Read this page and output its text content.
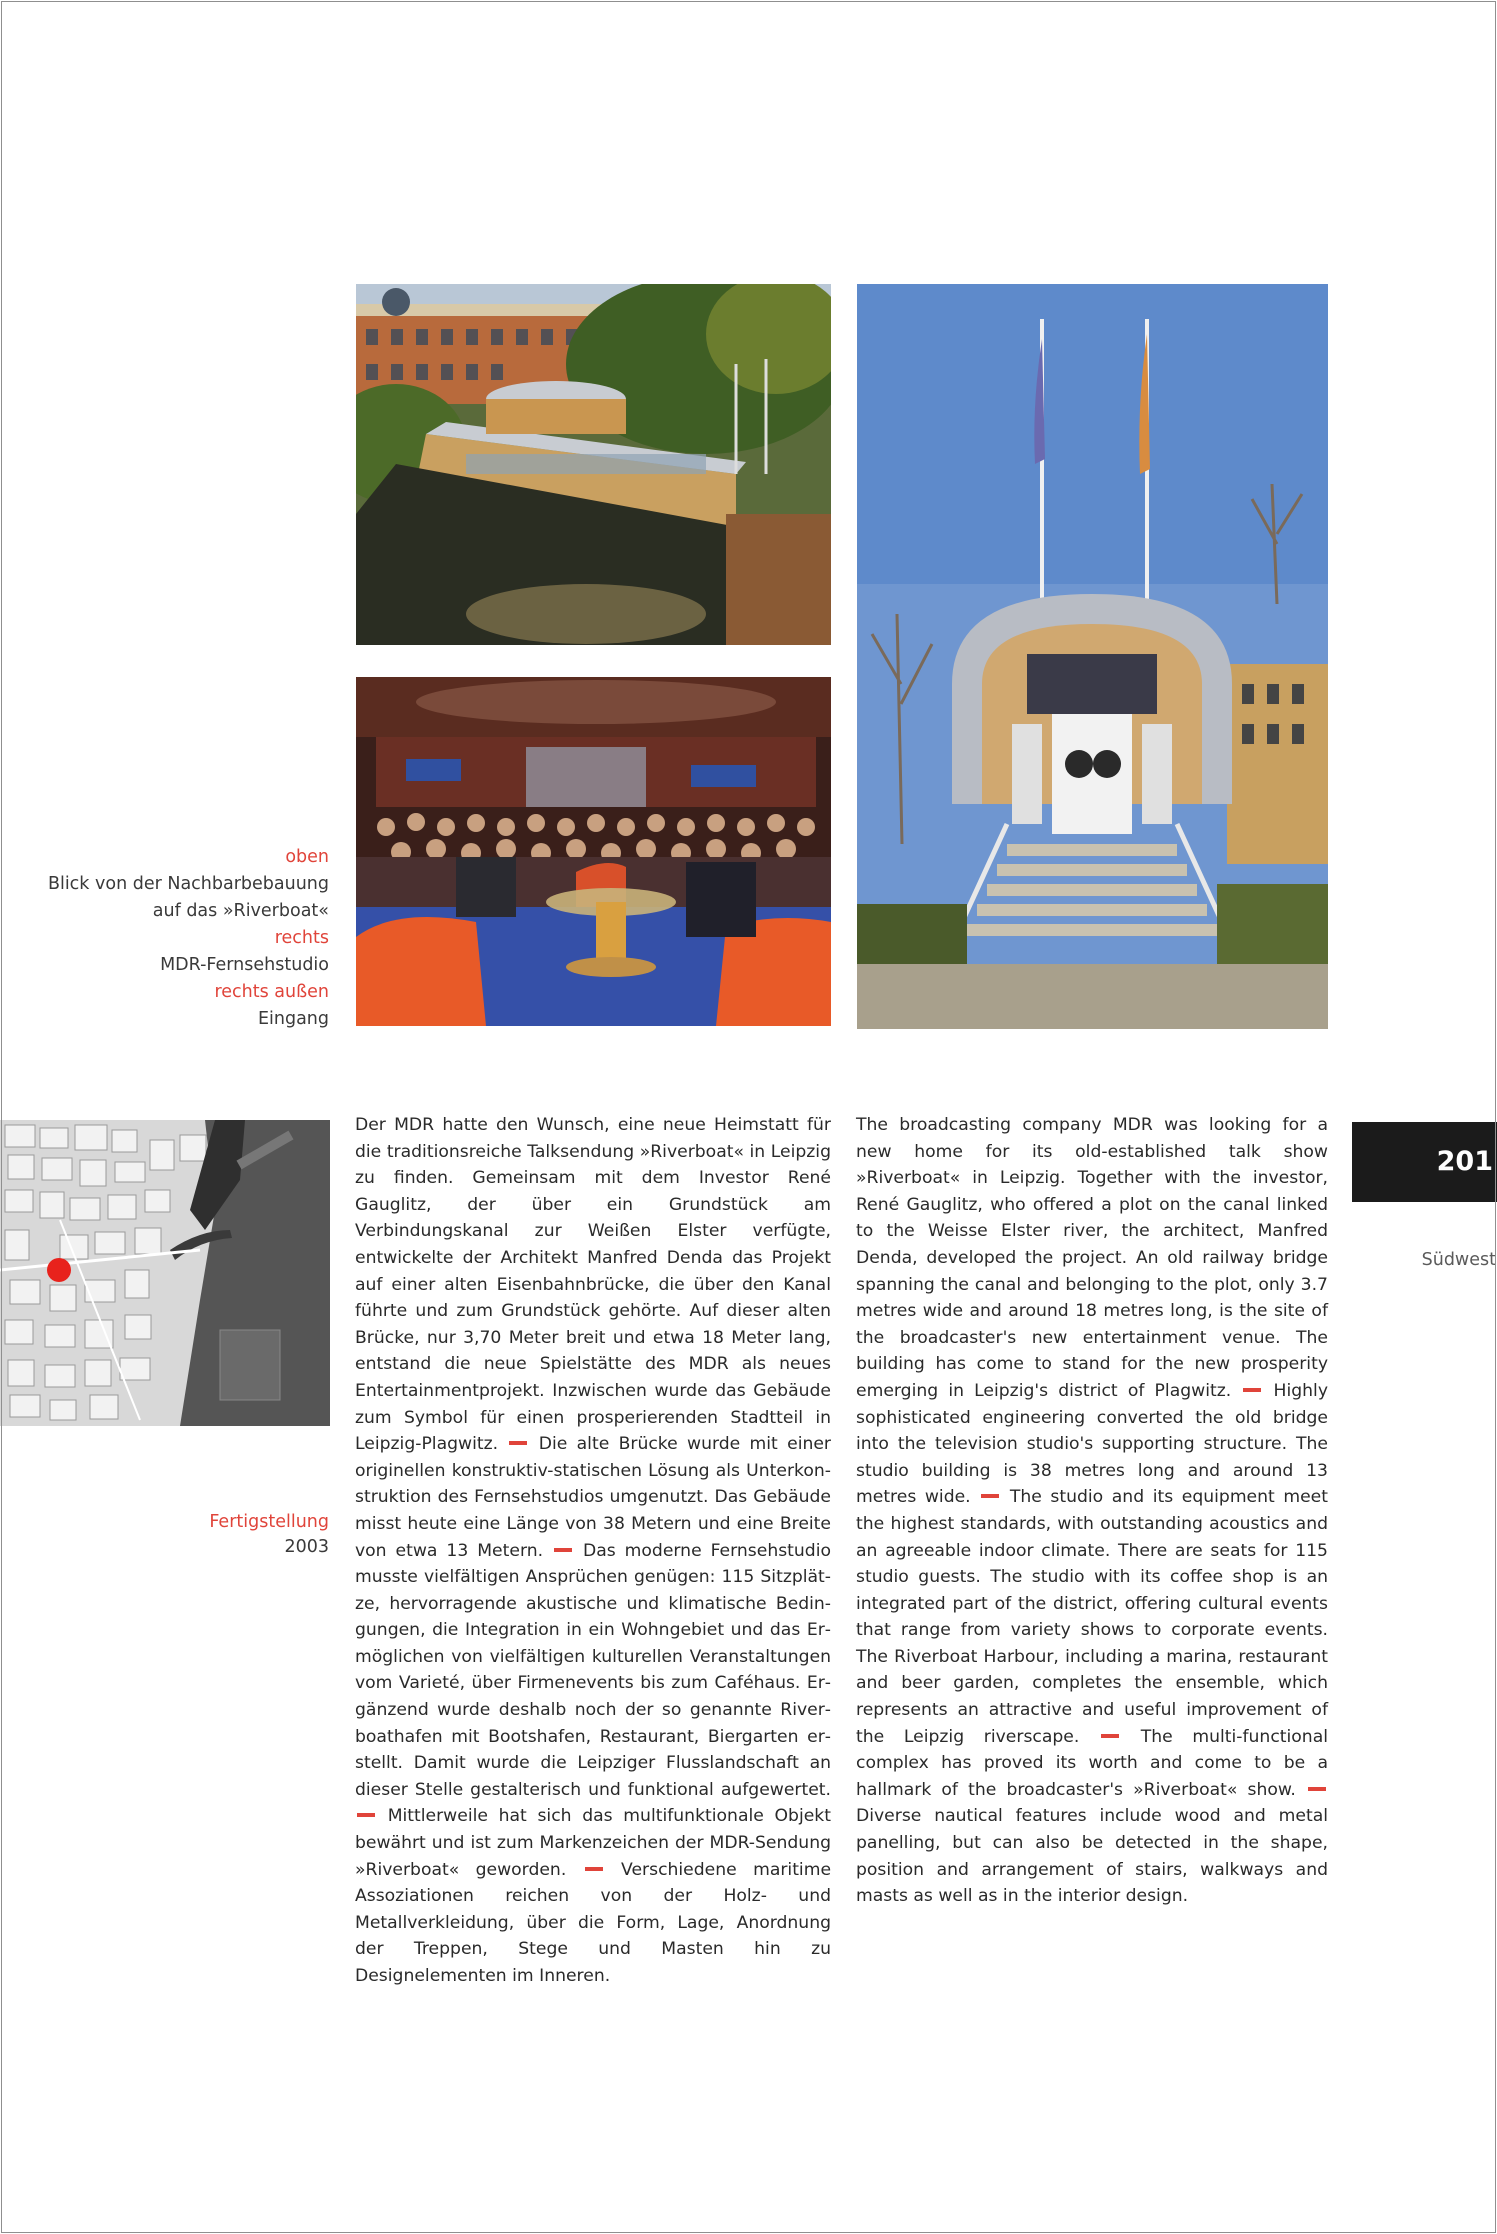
oben
Blick von der Nachbarbebauung
auf das »Riverboat«
rechts
MDR-Fernsehstudio
rechts außen
Eingang
Fertigstellung
2003
Der MDR hatte den Wunsch, eine neue Heimstatt für die traditionsreiche Talksendung »Riverboat« in Leipzig zu finden. Gemeinsam mit dem Investor René Gauglitz, der über ein Grundstück am Verbindungskanal zur Weißen Elster verfügte, entwickelte der Architekt Manfred Denda das Projekt auf einer alten Eisenbahnbrücke, die über den Kanal führte und zum Grundstück gehörte. Auf dieser alten Brücke, nur 3,70 Meter breit und etwa 18 Meter lang, entstand die neue Spielstätte des MDR als neues Entertainmentprojekt. Inzwischen wurde das Gebäude zum Symbol für einen prosperierenden Stadtteil in Leipzig-Plagwitz. Die alte Brücke wurde mit einer originellen konstruktiv-statischen Lösung als Unterkonstruktion des Fernsehstudios umgenutzt. Das Gebäude misst heute eine Länge von 38 Metern und eine Breite von etwa 13 Metern. Das moderne Fernsehstudio musste vielfältigen Ansprüchen genügen: 115 Sitzplätze, hervorragende akustische und klimatische Bedingungen, die Integration in ein Wohngebiet und das Ermöglichen von vielfältigen kulturellen Veranstaltungen vom Varieté, über Firmenevents bis zum Caféhaus. Ergänzend wurde deshalb noch der so genannte Riverboathafen mit Bootshafen, Restaurant, Biergarten erstellt. Damit wurde die Leipziger Flusslandschaft an dieser Stelle gestalterisch und funktional aufgewertet.  Mittlerweile hat sich das multifunktionale Objekt bewährt und ist zum Markenzeichen der MDR-Sendung »Riverboat« geworden.	Verschiedene maritime Assoziationen reichen von der Holz- und Metallverkleidung, über die Form, Lage, Anordnung der Treppen, Stege und Masten hin zu Designelementen im Inneren.
The broadcasting company MDR was looking for a new home for its old-established talk show »Riverboat« in Leipzig. Together with the investor, René Gauglitz, who offered a plot on the canal linked to the Weisse Elster river, the architect, Manfred Denda, developed the project. An old railway bridge spanning the canal and belonging to the plot, only 3.7 metres wide and around 18 metres long, is the site of the broadcaster's new entertainment venue. The building has come to stand for the new prosperity emerging in Leipzig's district of Plagwitz. Highly sophisticated engineering converted the old bridge into the television studio's supporting structure. The studio building is 38 metres long and around 13 metres wide. The studio and its equipment meet the highest standards, with outstanding acoustics and an agreeable indoor climate. There are seats for 115 studio guests. The studio with its coffee shop is an integrated part of the district, offering cultural events that range from variety shows to corporate events. The Riverboat Harbour, including a marina, restaurant and beer garden, completes the ensemble, which represents an attractive and useful improvement of the Leipzig riverscape.	The multi-functional complex has proved its worth and come to be a hallmark of the broadcaster's »Riverboat« show.  Diverse nautical features include wood and metal panelling, but can also be detected in the shape, position and arrangement of stairs, walkways and masts as well as in the interior design.
201
Südwest
